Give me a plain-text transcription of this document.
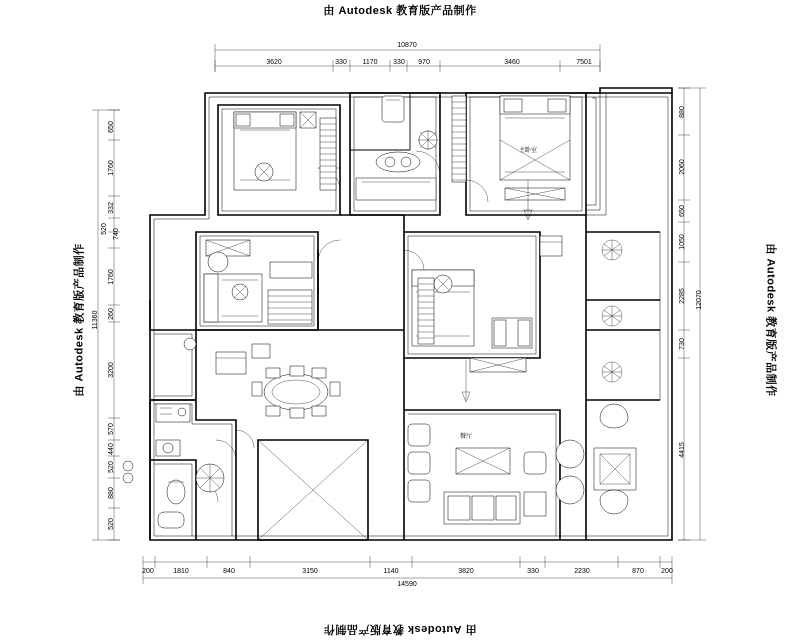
由 Autodesk 教育版产品制作
由 Autodesk 教育版产品制作
由 Autodesk 教育版产品制作	由 Autodesk 教育版产品制作
10870
3620	330 1170 330 970	3460	7501
14590
200	1810	840	3150	1140	3820	330	2230	870 200
11360
650
1760
332
520 740
1760
260
3200
570
440
520
880
520
12070
880
2060
650
1050
2285
730
4415
主卧室
餐厅
